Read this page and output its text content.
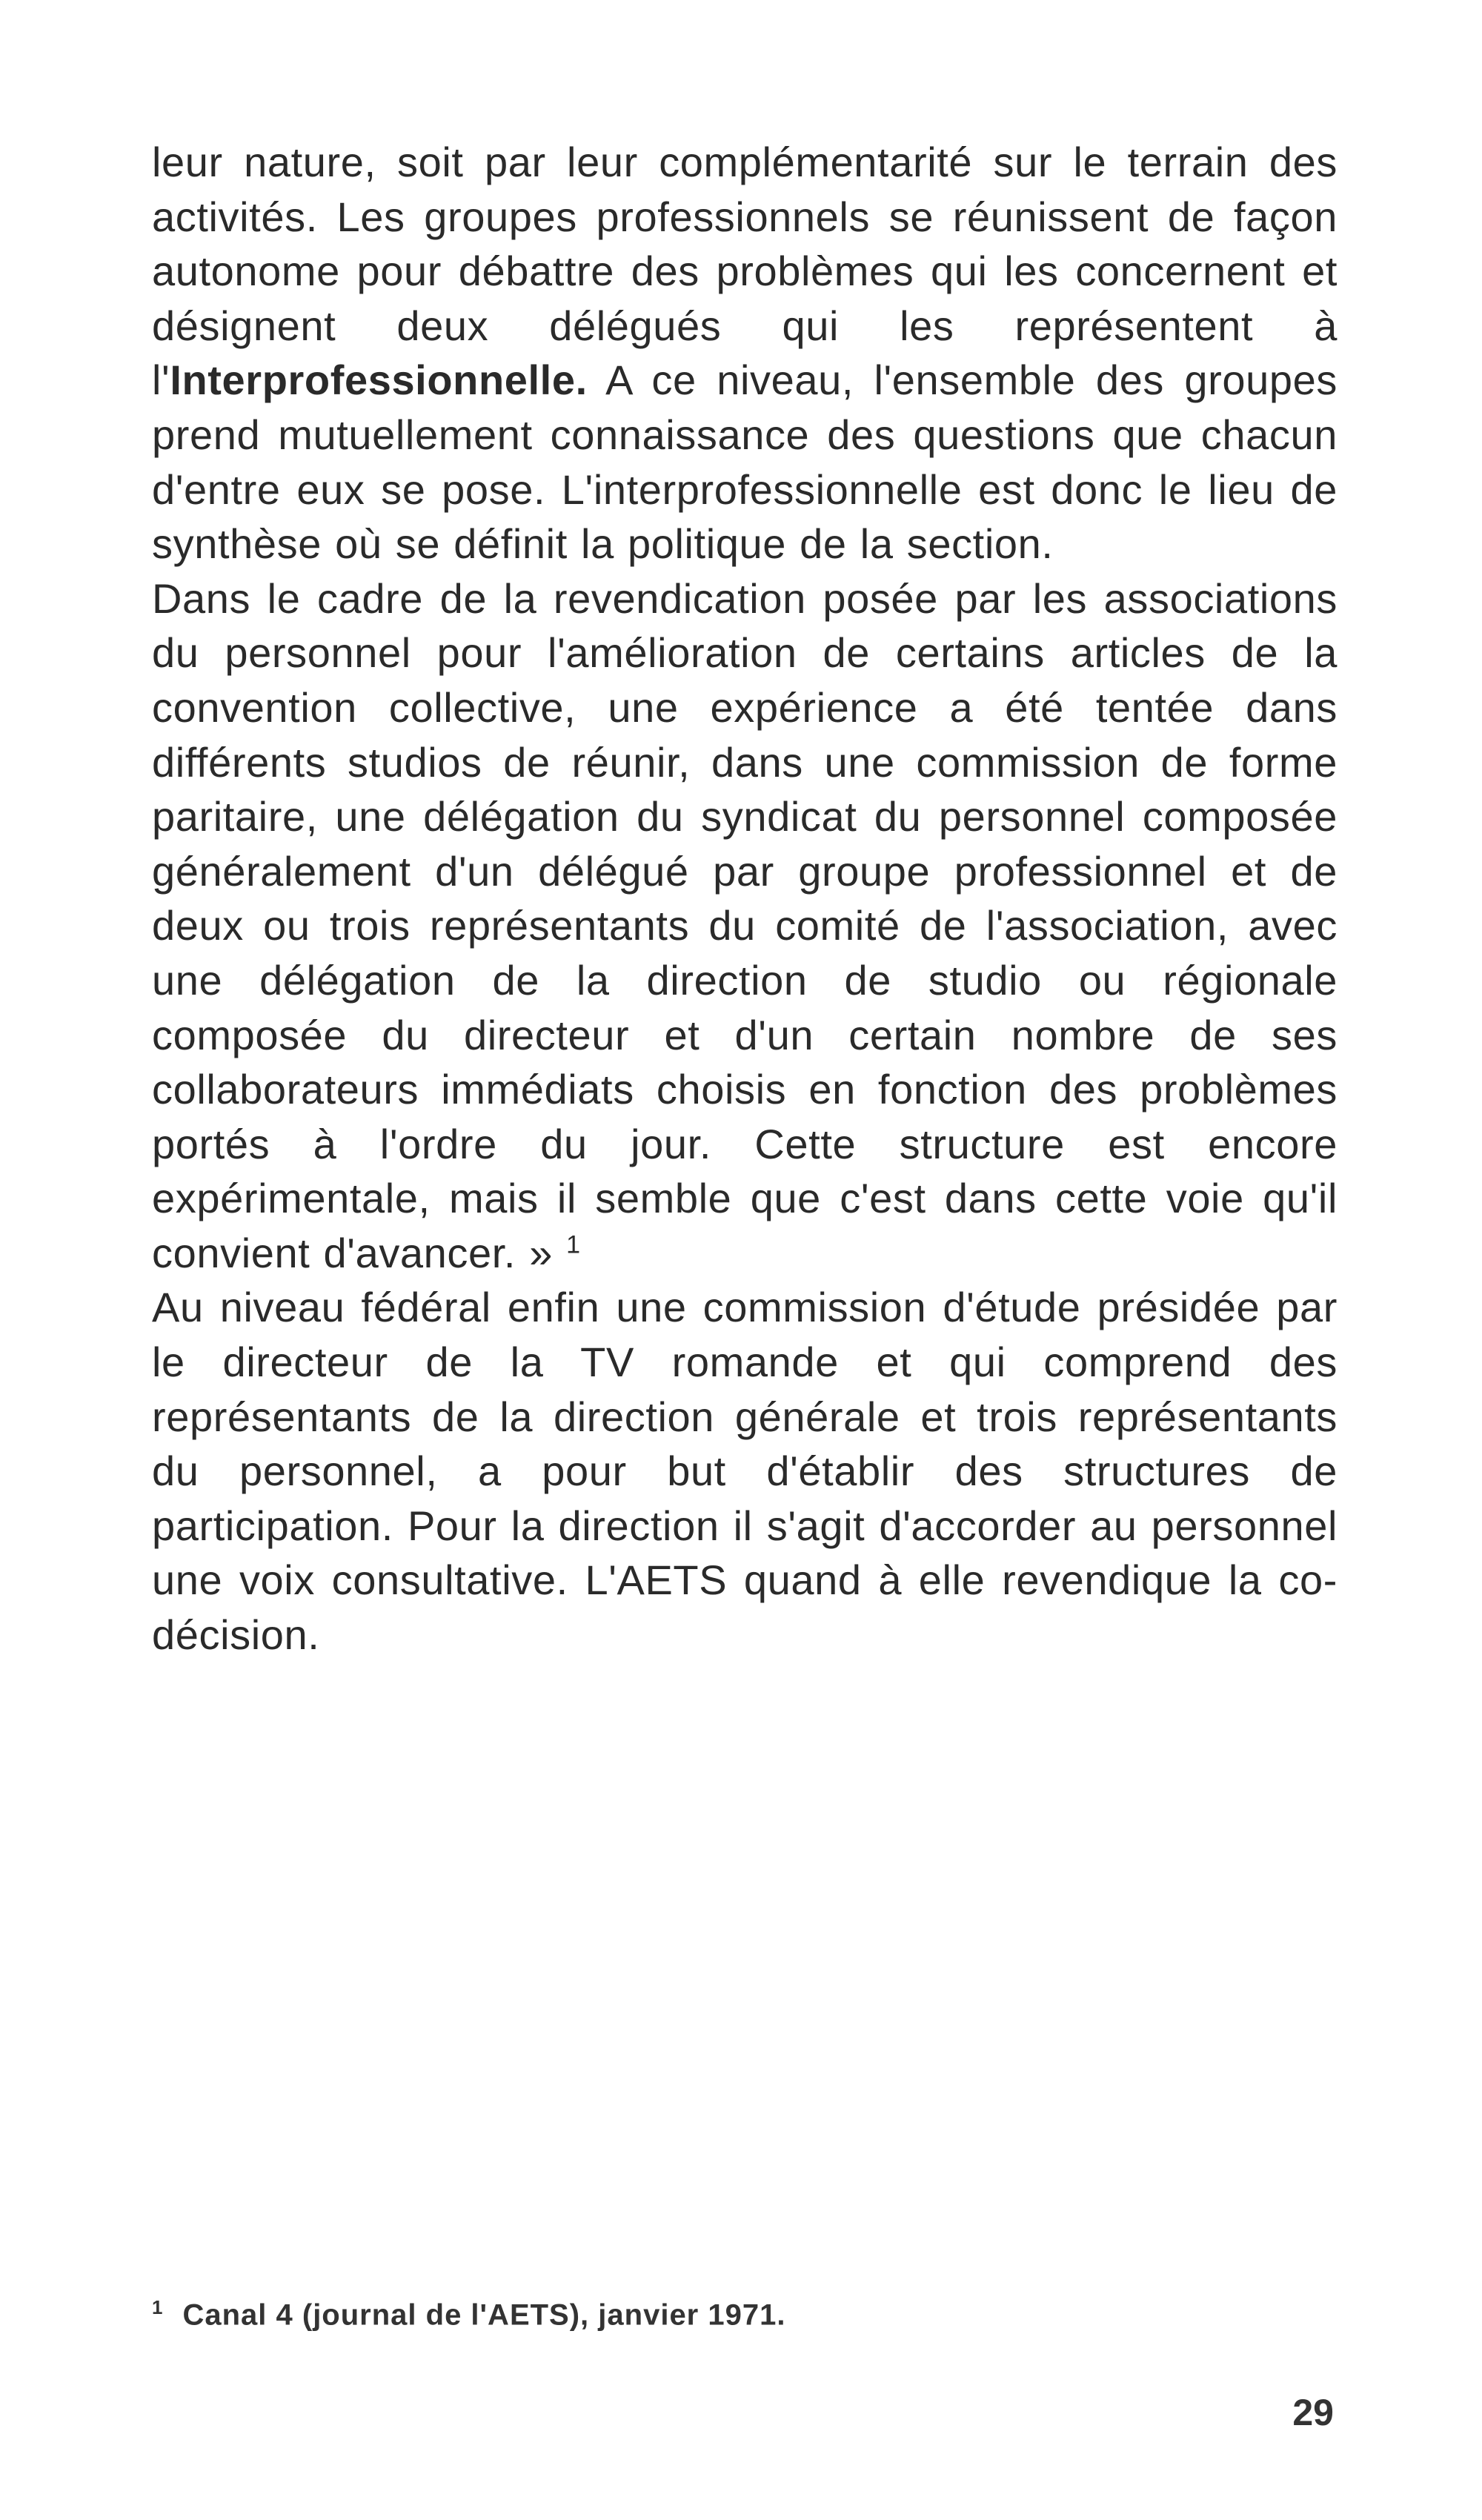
leur nature, soit par leur complémentarité sur le terrain des activités. Les groupes professionnels se réunissent de façon autonome pour débattre des problèmes qui les concernent et désignent deux délégués qui les représentent à l'Interprofessionnelle. A ce niveau, l'ensemble des groupes prend mutuellement connaissance des questions que chacun d'entre eux se pose. L'interprofessionnelle est donc le lieu de synthèse où se définit la politique de la section.

Dans le cadre de la revendication posée par les associations du personnel pour l'amélioration de certains articles de la convention collective, une expérience a été tentée dans différents studios de réunir, dans une commission de forme paritaire, une délégation du syndicat du personnel composée généralement d'un délégué par groupe professionnel et de deux ou trois représentants du comité de l'association, avec une délégation de la direction de studio ou régionale composée du directeur et d'un certain nombre de ses collaborateurs immédiats choisis en fonction des problèmes portés à l'ordre du jour. Cette structure est encore expérimentale, mais il semble que c'est dans cette voie qu'il convient d'avancer. » $^1$

Au niveau fédéral enfin une commission d'étude présidée par le directeur de la TV romande et qui comprend des représentants de la direction générale et trois représentants du personnel, a pour but d'établir des structures de participation. Pour la direction il s'agit d'accorder au personnel une voix consultative. L'AETS quand à elle revendique la co-décision.

$^1$ Canal 4 (journal de l'AETS), janvier 1971.
29
